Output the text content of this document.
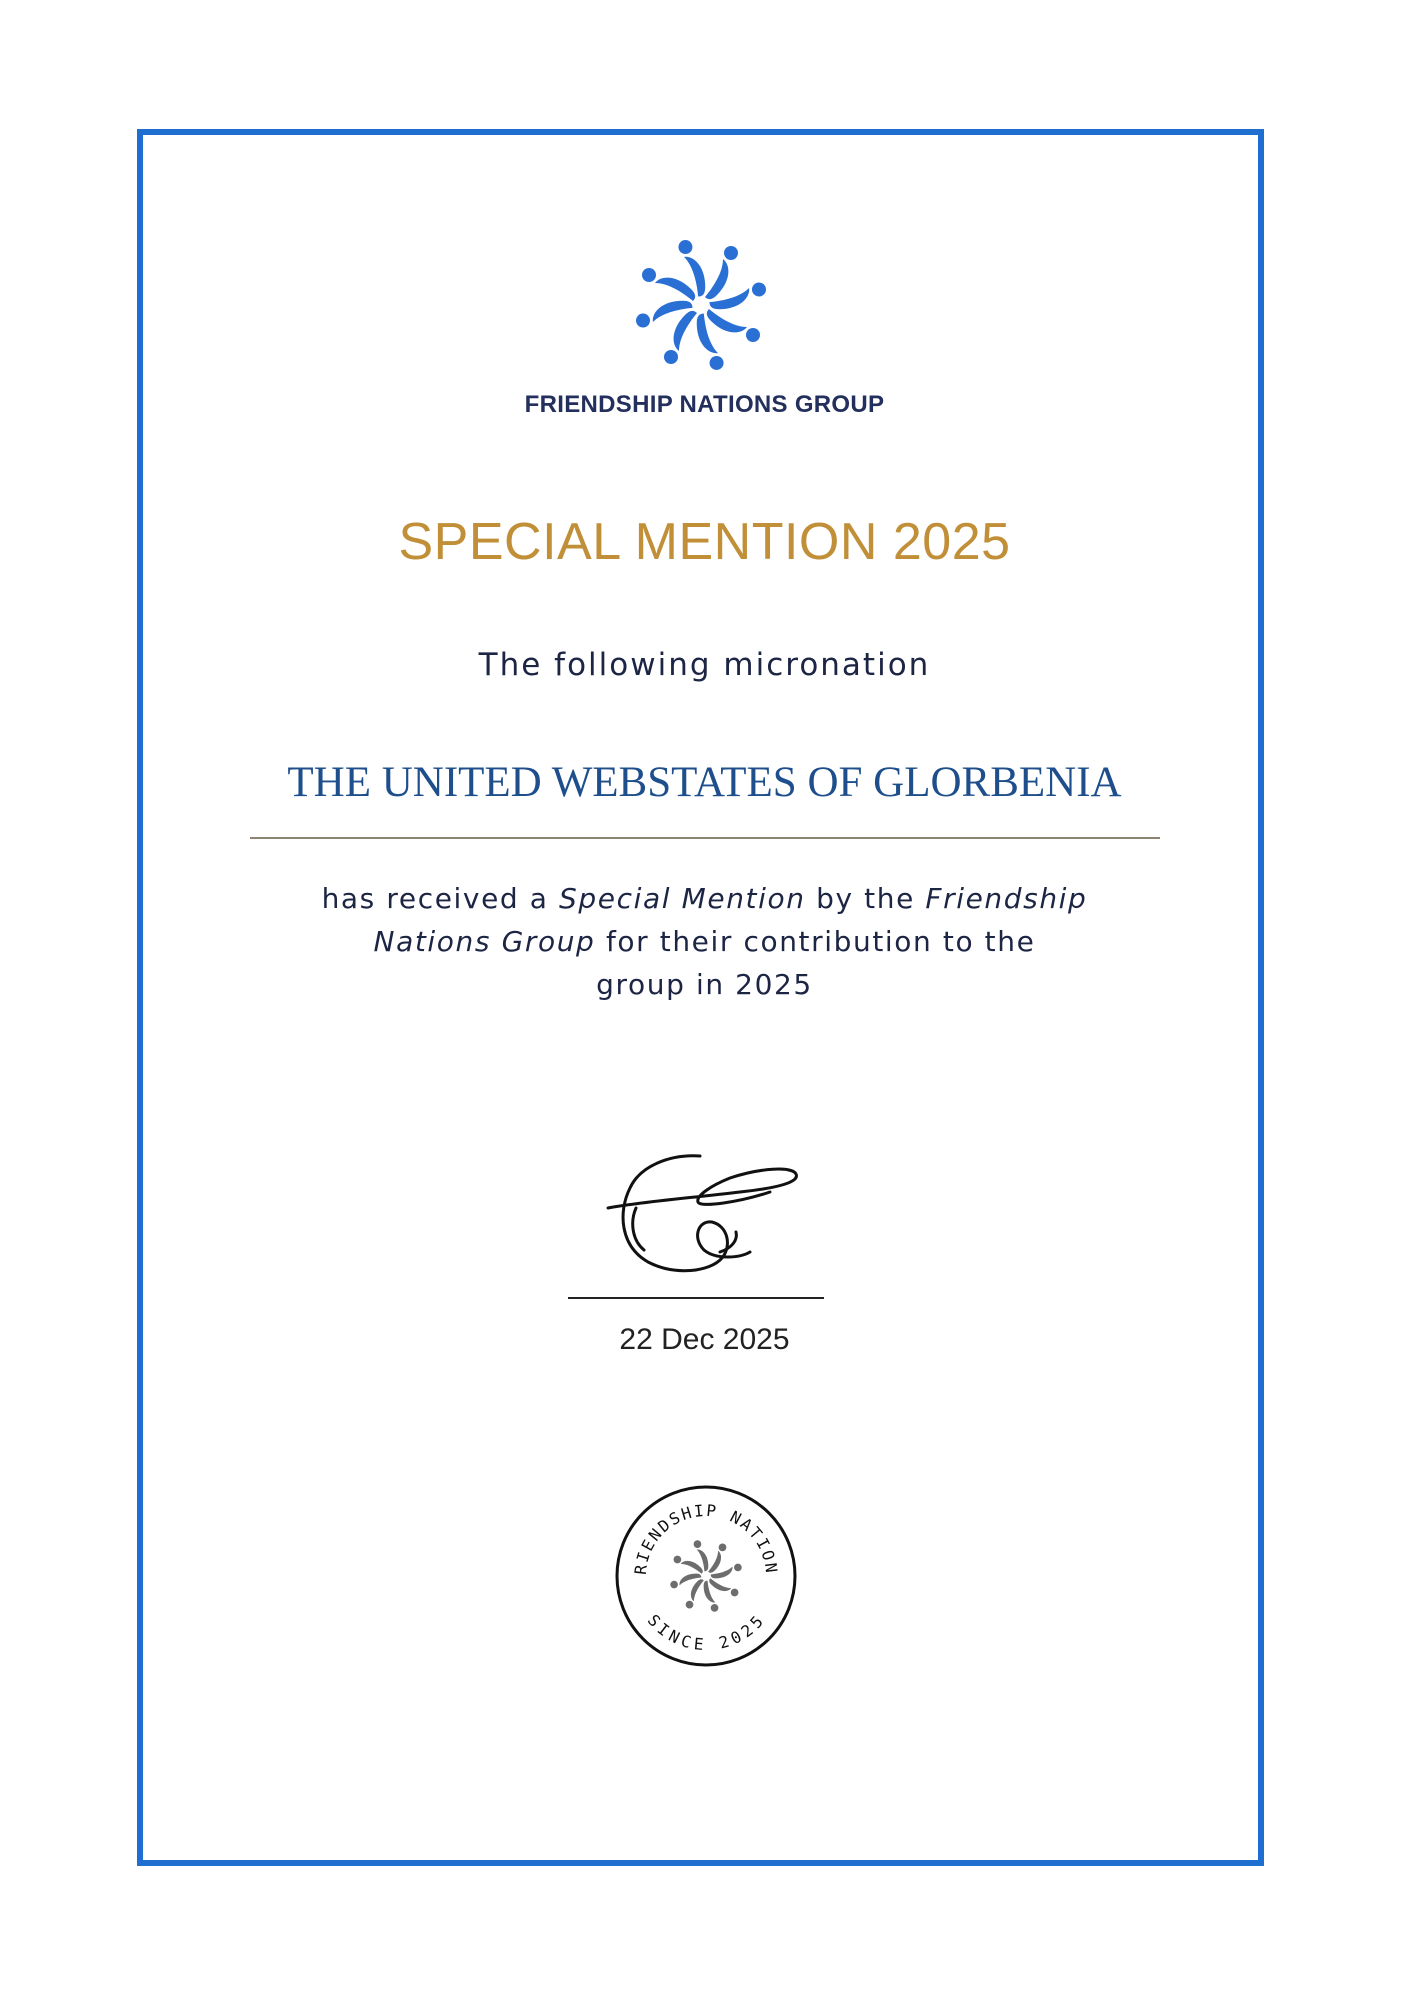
FRIENDSHIP NATIONS GROUP
SPECIAL MENTION 2025
The following micronation
THE UNITED WEBSTATES OF GLORBENIA
has received a Special Mention by the Friendship
Nations Group for their contribution to the
group in 2025
22 Dec 2025
RIENDSHIP NATION
SINCE 2025
